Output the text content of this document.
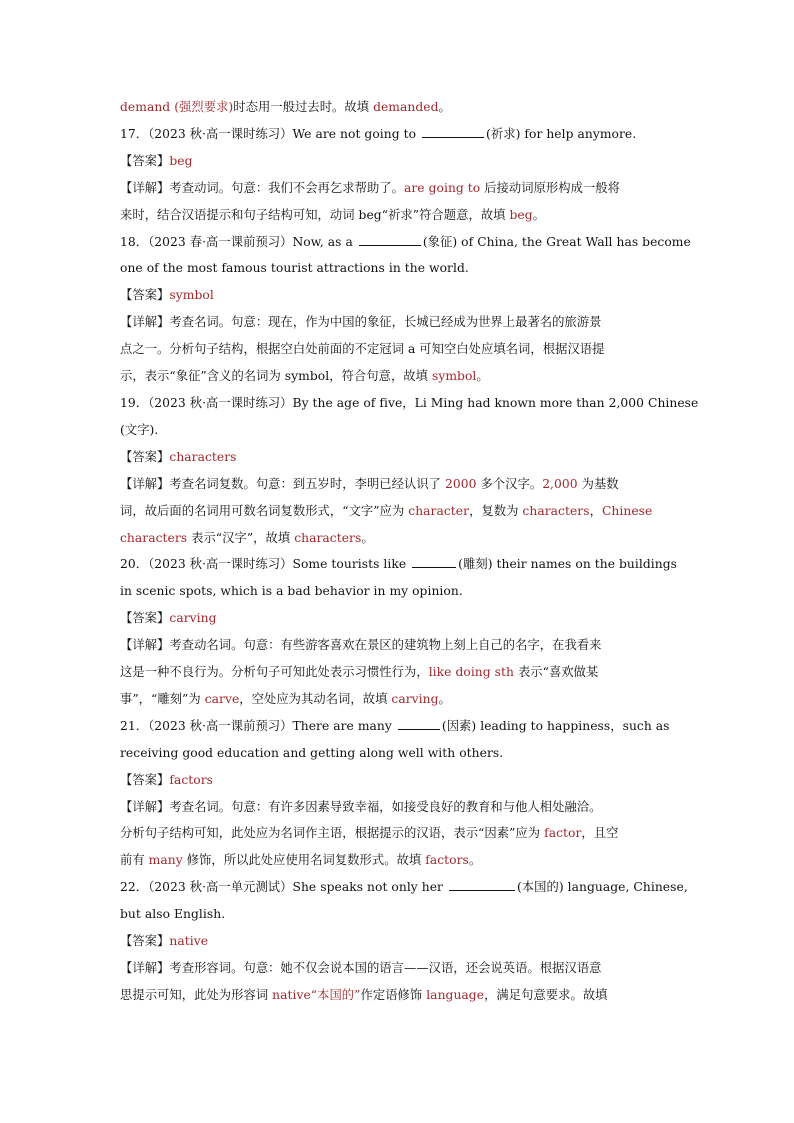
demand (强烈要求)时态用一般过去时。故填 demanded。
17．（2023 秋·高一课时练习）We are not going to	(祈求) for help anymore.
【答案】beg
【详解】考查动词。句意：我们不会再乞求帮助了。are going to 后接动词原形构成一般将
来时，结合汉语提示和句子结构可知，动词 beg“祈求”符合题意，故填 beg。
18．（2023 春·高一课前预习）Now, as a	(象征) of China, the Great Wall has become
one of the most famous tourist attractions in the world.
【答案】symbol
【详解】考查名词。句意：现在，作为中国的象征，长城已经成为世界上最著名的旅游景
点之一。分析句子结构，根据空白处前面的不定冠词 a 可知空白处应填名词，根据汉语提
示，表示“象征”含义的名词为 symbol，符合句意，故填 symbol。
19．（2023 秋·高一课时练习）By the age of five，Li Ming had known more than 2,000 Chinese
(文字).
【答案】characters
【详解】考查名词复数。句意：到五岁时，李明已经认识了 2000 多个汉字。2,000 为基数
词，故后面的名词用可数名词复数形式，“文字”应为 character，复数为 characters，Chinese
characters 表示“汉字”，故填 characters。
20．（2023 秋·高一课时练习）Some tourists like	(雕刻) their names on the buildings
in scenic spots, which is a bad behavior in my opinion.
【答案】carving
【详解】考查动名词。句意：有些游客喜欢在景区的建筑物上刻上自己的名字，在我看来
这是一种不良行为。分析句子可知此处表示习惯性行为，like doing sth 表示“喜欢做某
事”，“雕刻”为 carve，空处应为其动名词，故填 carving。
21．（2023 秋·高一课前预习）There are many	(因素) leading to happiness，such as
receiving good education and getting along well with others.
【答案】factors
【详解】考查名词。句意：有许多因素导致幸福，如接受良好的教育和与他人相处融洽。
分析句子结构可知，此处应为名词作主语，根据提示的汉语，表示“因素”应为 factor，且空
前有 many 修饰，所以此处应使用名词复数形式。故填 factors。
22．（2023 秋·高一单元测试）She speaks not only her	(本国的) language, Chinese,
but also English.
【答案】native
【详解】考查形容词。句意：她不仅会说本国的语言——汉语，还会说英语。根据汉语意
思提示可知，此处为形容词 native“本国的”作定语修饰 language，满足句意要求。故填
